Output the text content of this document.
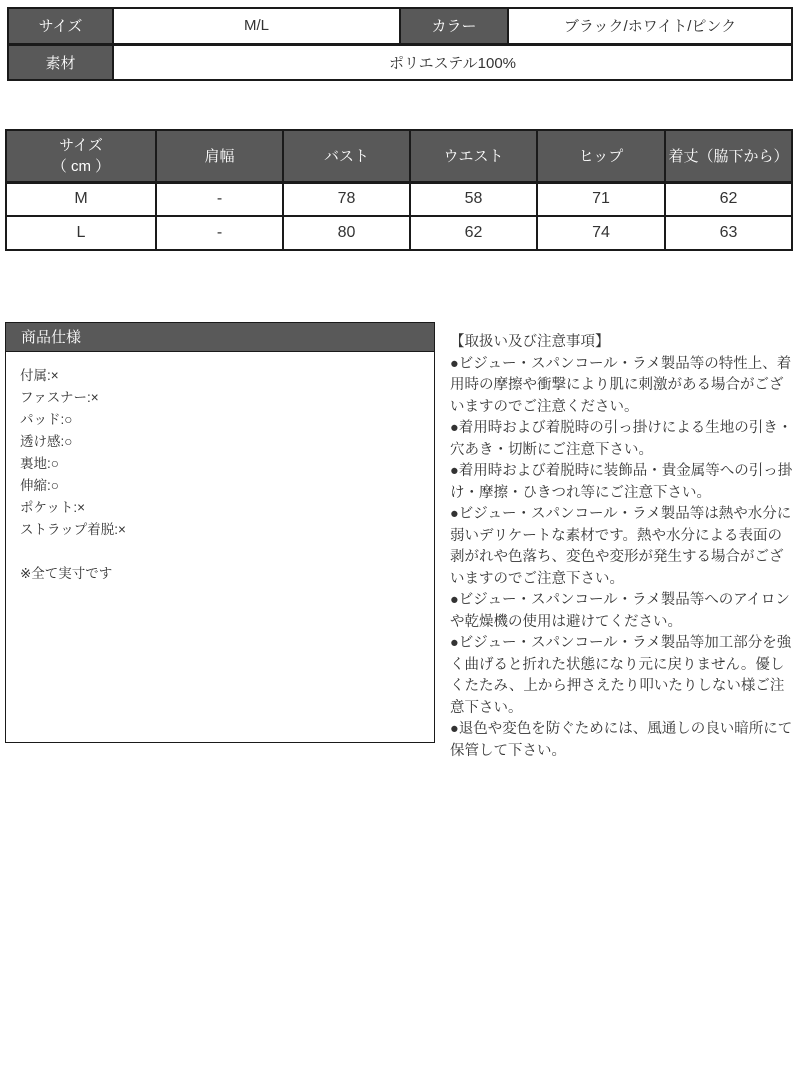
サイズ	M/L	カラー	ブラック/ホワイト/ピンク
素材	ポリエステル100%		
サイズ
（ cm ）	肩幅	バスト	ウエスト	ヒップ	着丈（脇下から）
M	-	78	58	71	62
L	-	80	62	74	63
商品仕様
付属:×
ファスナー:×
パッド:○
透け感:○
裏地:○
伸縮:○
ポケット:×
ストラップ着脱:×
※全て実寸です
【取扱い及び注意事項】
●ビジュー・スパンコール・ラメ製品等の特性上、着用時の摩擦や衝撃により肌に刺激がある場合がございますのでご注意ください。
●着用時および着脱時の引っ掛けによる生地の引き・穴あき・切断にご注意下さい。
●着用時および着脱時に装飾品・貴金属等への引っ掛け・摩擦・ひきつれ等にご注意下さい。
●ビジュー・スパンコール・ラメ製品等は熱や水分に弱いデリケートな素材です。熱や水分による表面の剥がれや色落ち、変色や変形が発生する場合がございますのでご注意下さい。
●ビジュー・スパンコール・ラメ製品等へのアイロンや乾燥機の使用は避けてください。
●ビジュー・スパンコール・ラメ製品等加工部分を強く曲げると折れた状態になり元に戻りません。優しくたたみ、上から押さえたり叩いたりしない様ご注意下さい。
●退色や変色を防ぐためには、風通しの良い暗所にて保管して下さい。
